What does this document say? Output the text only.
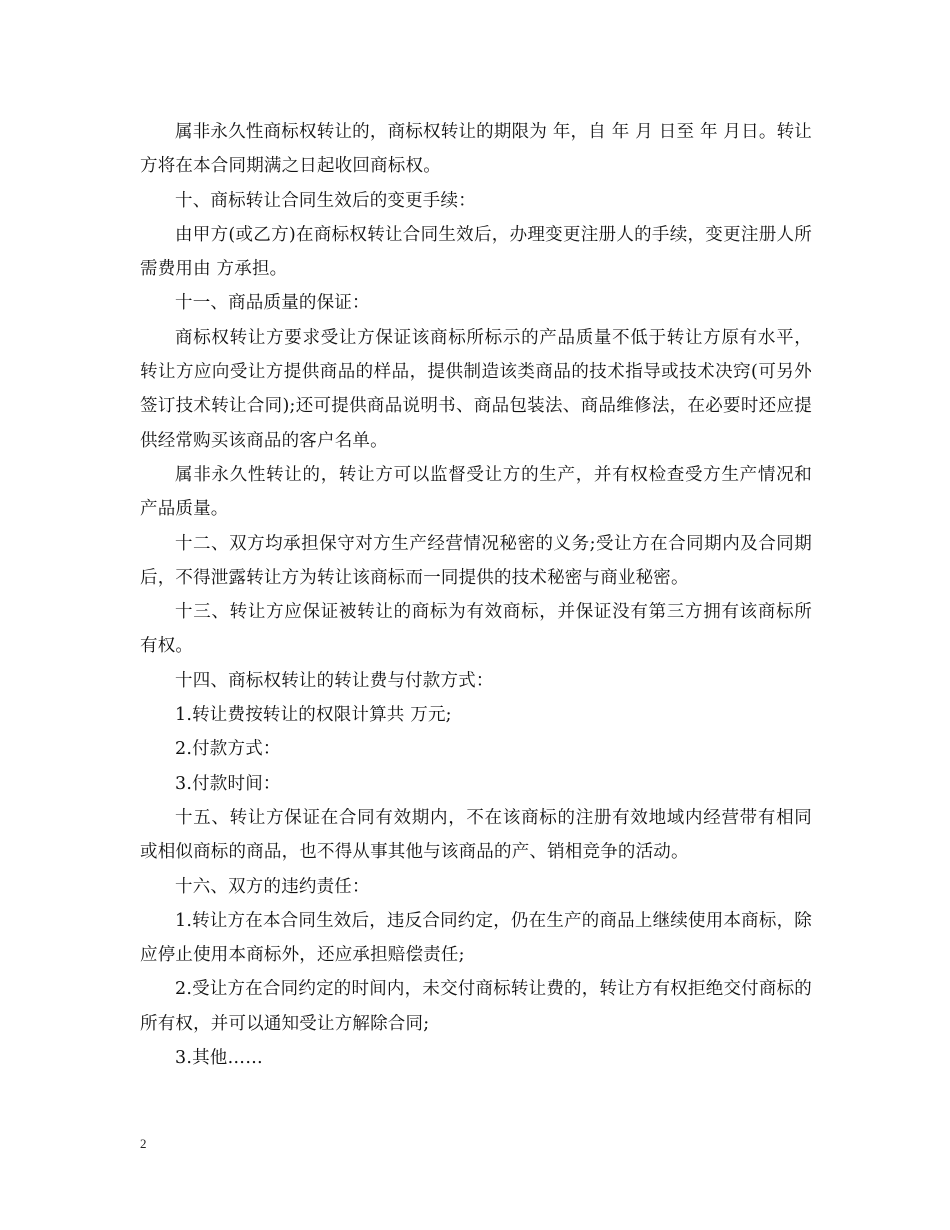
属非永久性商标权转让的，商标权转让的期限为 年，自 年 月 日至 年 月日。转让方将在本合同期满之日起收回商标权。

十、商标转让合同生效后的变更手续：

由甲方(或乙方)在商标权转让合同生效后，办理变更注册人的手续，变更注册人所需费用由 方承担。

十一、商品质量的保证：

商标权转让方要求受让方保证该商标所标示的产品质量不低于转让方原有水平，转让方应向受让方提供商品的样品，提供制造该类商品的技术指导或技术决窍(可另外签订技术转让合同);还可提供商品说明书、商品包装法、商品维修法，在必要时还应提供经常购买该商品的客户名单。

属非永久性转让的，转让方可以监督受让方的生产，并有权检查受方生产情况和产品质量。

十二、双方均承担保守对方生产经营情况秘密的义务;受让方在合同期内及合同期后，不得泄露转让方为转让该商标而一同提供的技术秘密与商业秘密。

十三、转让方应保证被转让的商标为有效商标，并保证没有第三方拥有该商标所有权。

十四、商标权转让的转让费与付款方式：

1.转让费按转让的权限计算共 万元;

2.付款方式：

3.付款时间：

十五、转让方保证在合同有效期内，不在该商标的注册有效地域内经营带有相同或相似商标的商品，也不得从事其他与该商品的产、销相竞争的活动。

十六、双方的违约责任：

1.转让方在本合同生效后，违反合同约定，仍在生产的商品上继续使用本商标，除应停止使用本商标外，还应承担赔偿责任;

2.受让方在合同约定的时间内，未交付商标转让费的，转让方有权拒绝交付商标的所有权，并可以通知受让方解除合同;

3.其他……

2
